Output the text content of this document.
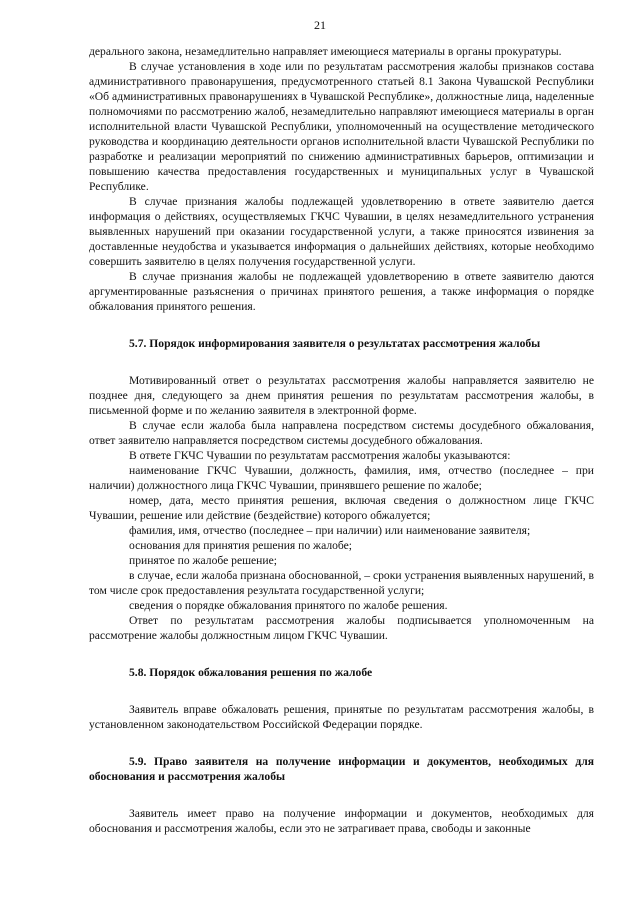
21

дерального закона, незамедлительно направляет имеющиеся материалы в органы прокуратуры.

В случае установления в ходе или по результатам рассмотрения жалобы признаков состава административного правонарушения, предусмотренного статьей 8.1 Закона Чувашской Республики «Об административных правонарушениях в Чувашской Республике», должностные лица, наделенные полномочиями по рассмотрению жалоб, незамедлительно направляют имеющиеся материалы в орган исполнительной власти Чувашской Республики, уполномоченный на осуществление методического руководства и координацию деятельности органов исполнительной власти Чувашской Республики по разработке и реализации мероприятий по снижению административных барьеров, оптимизации и повышению качества предоставления государственных и муниципальных услуг в Чувашской Республике.

В случае признания жалобы подлежащей удовлетворению в ответе заявителю дается информация о действиях, осуществляемых ГКЧС Чувашии, в целях незамедлительного устранения выявленных нарушений при оказании государственной услуги, а также приносятся извинения за доставленные неудобства и указывается информация о дальнейших действиях, которые необходимо совершить заявителю в целях получения государственной услуги.

В случае признания жалобы не подлежащей удовлетворению в ответе заявителю даются аргументированные разъяснения о причинах принятого решения, а также информация о порядке обжалования принятого решения.

5.7. Порядок информирования заявителя о результатах рассмотрения жалобы

Мотивированный ответ о результатах рассмотрения жалобы направляется заявителю не позднее дня, следующего за днем принятия решения по результатам рассмотрения жалобы, в письменной форме и по желанию заявителя в электронной форме.

В случае если жалоба была направлена посредством системы досудебного обжалования, ответ заявителю направляется посредством системы досудебного обжалования.

В ответе ГКЧС Чувашии по результатам рассмотрения жалобы указываются:

наименование ГКЧС Чувашии, должность, фамилия, имя, отчество (последнее – при наличии) должностного лица ГКЧС Чувашии, принявшего решение по жалобе;

номер, дата, место принятия решения, включая сведения о должностном лице ГКЧС Чувашии, решение или действие (бездействие) которого обжалуется;

фамилия, имя, отчество (последнее – при наличии) или наименование заявителя;

основания для принятия решения по жалобе;

принятое по жалобе решение;

в случае, если жалоба признана обоснованной, – сроки устранения выявленных нарушений, в том числе срок предоставления результата государственной услуги;

сведения о порядке обжалования принятого по жалобе решения.

Ответ по результатам рассмотрения жалобы подписывается уполномоченным на рассмотрение жалобы должностным лицом ГКЧС Чувашии.

5.8. Порядок обжалования решения по жалобе

Заявитель вправе обжаловать решения, принятые по результатам рассмотрения жалобы, в установленном законодательством Российской Федерации порядке.

5.9. Право заявителя на получение информации и документов, необходимых для обоснования и рассмотрения жалобы

Заявитель имеет право на получение информации и документов, необходимых для обоснования и рассмотрения жалобы, если это не затрагивает права, свободы и законные
